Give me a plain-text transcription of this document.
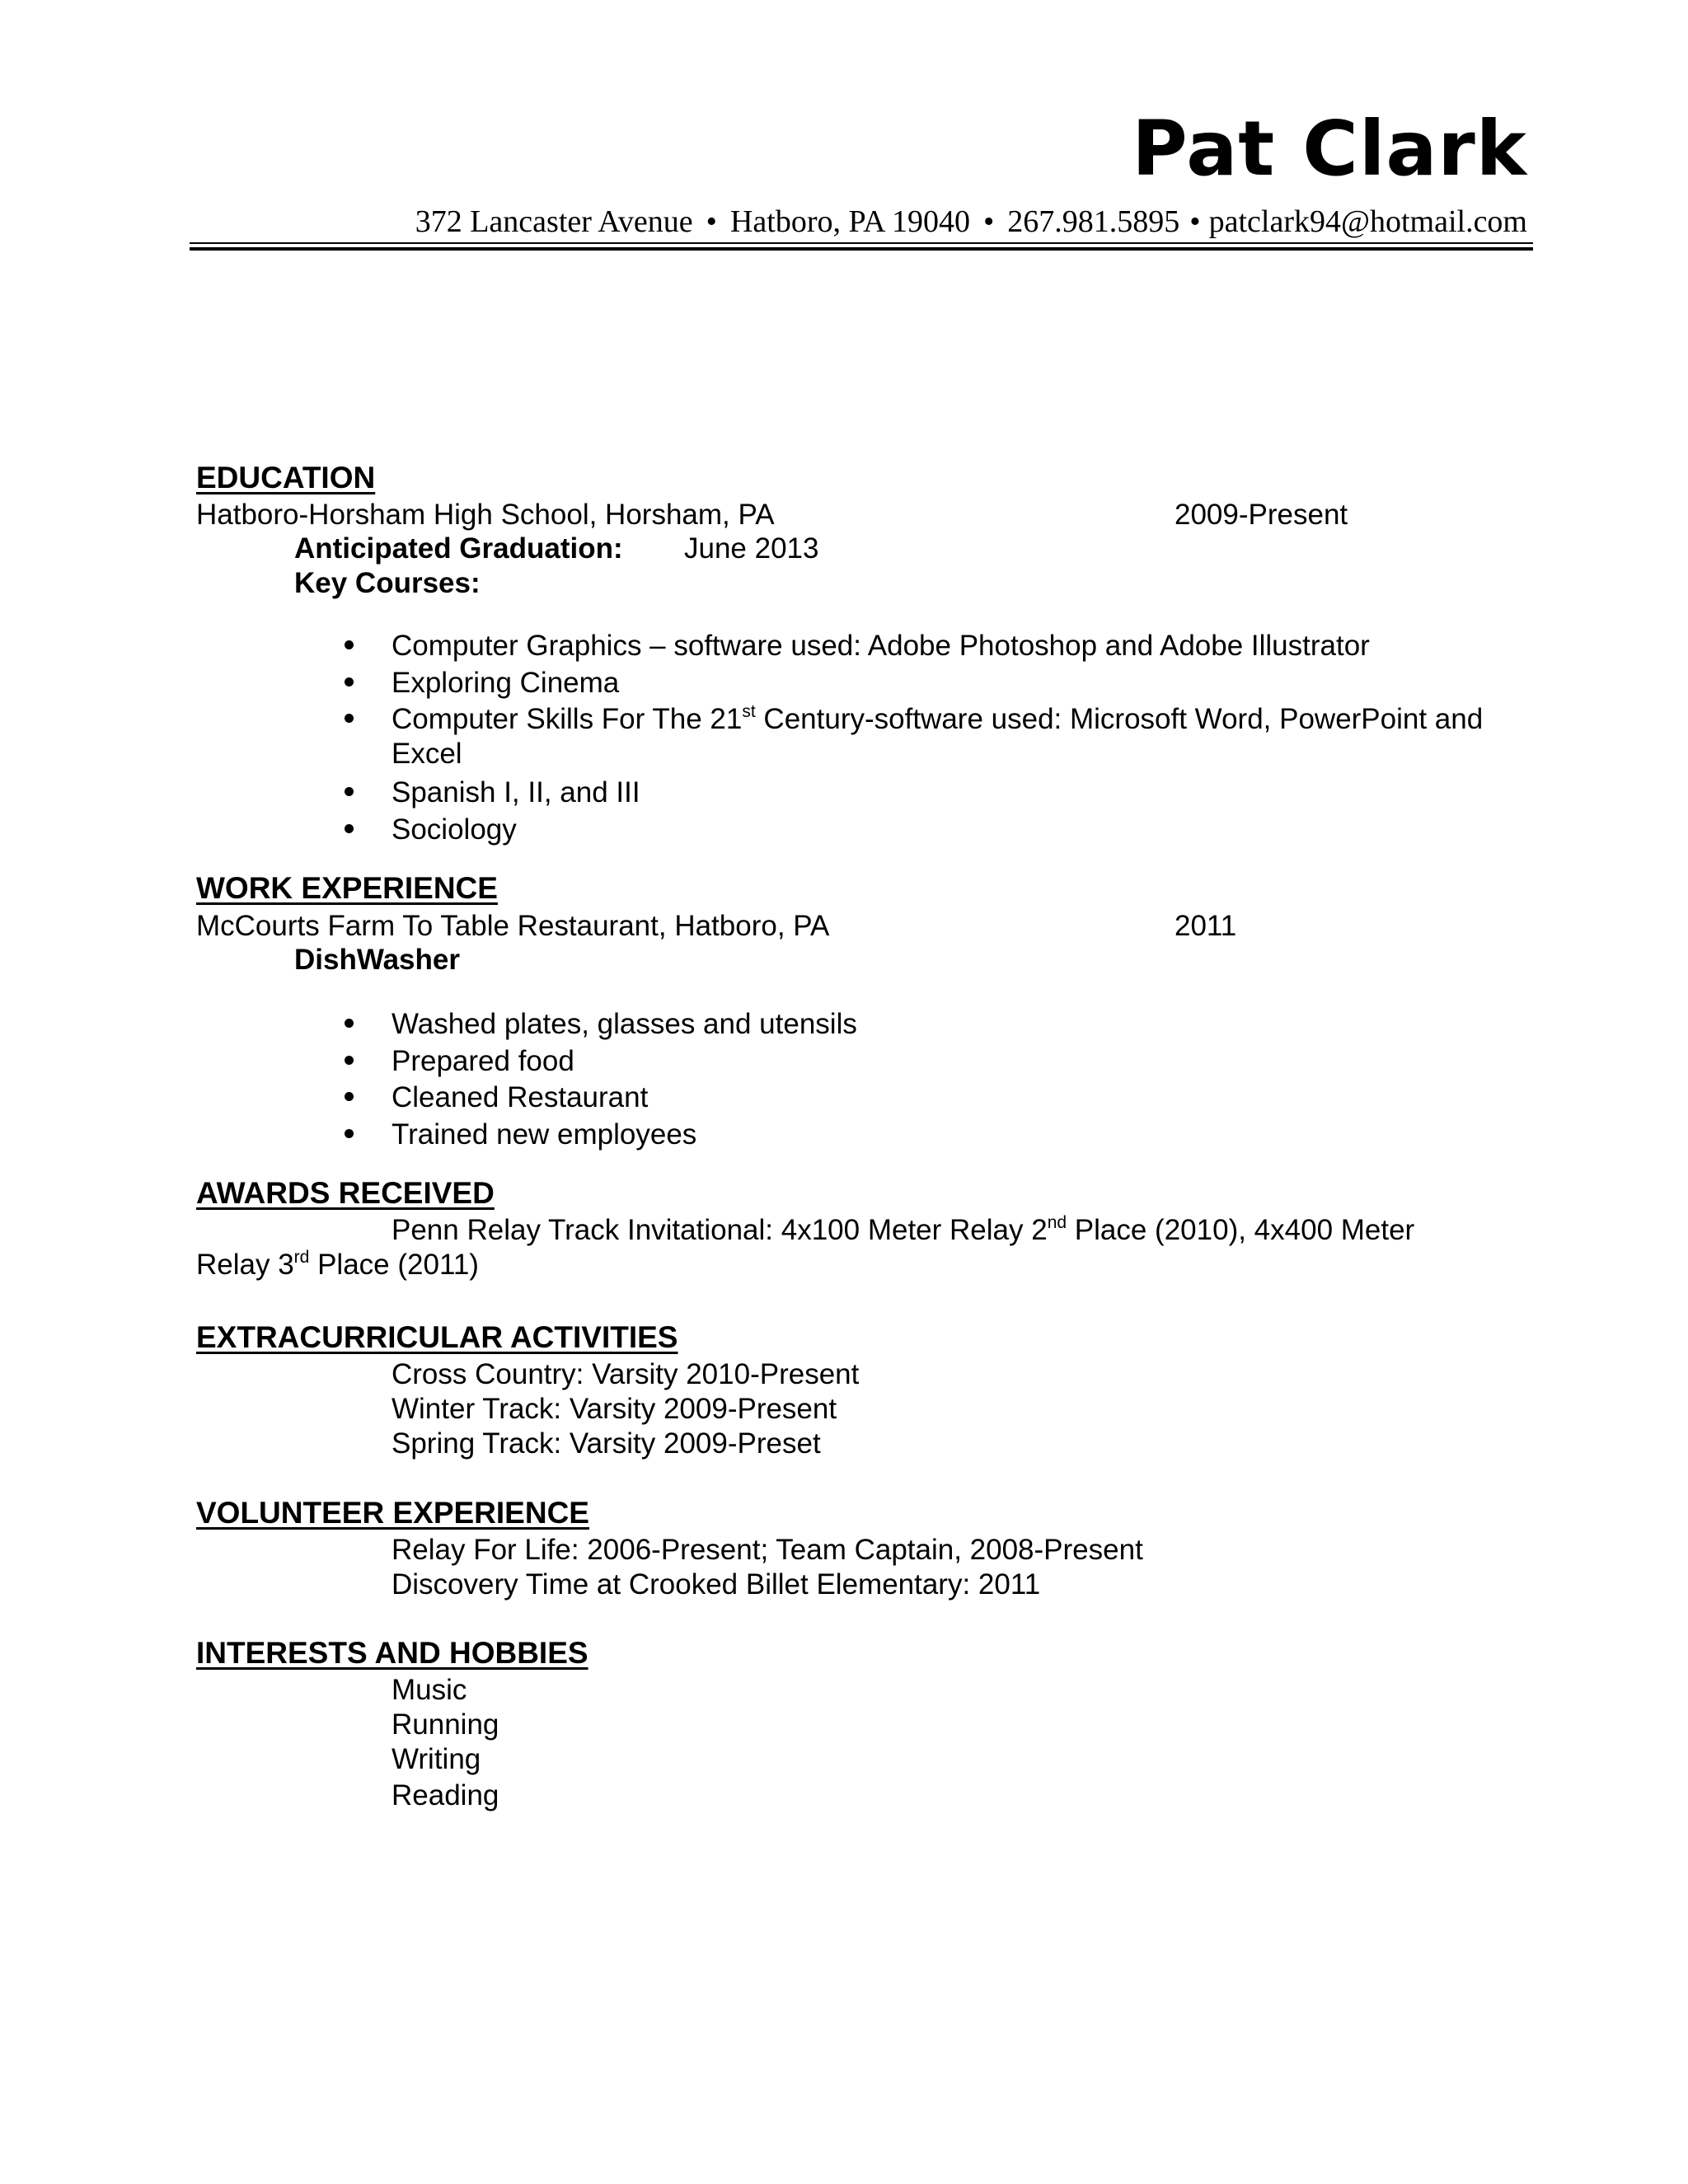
Pat Clark
372 Lancaster Avenue • Hatboro, PA 19040 • 267.981.5895 • patclark94@hotmail.com
EDUCATION
Hatboro-Horsham High School, Horsham, PA	2009-Present
Anticipated Graduation: June 2013
Key Courses:
Computer Graphics – software used: Adobe Photoshop and Adobe Illustrator
Exploring Cinema
Computer Skills For The 21st Century-software used: Microsoft Word, PowerPoint and
Excel
Spanish I, II, and III
Sociology
WORK EXPERIENCE
McCourts Farm To Table Restaurant, Hatboro, PA	2011
DishWasher
Washed plates, glasses and utensils
Prepared food
Cleaned Restaurant
Trained new employees
AWARDS RECEIVED
Penn Relay Track Invitational: 4x100 Meter Relay 2nd Place (2010), 4x400 Meter
Relay 3rd Place (2011)
EXTRACURRICULAR ACTIVITIES
Cross Country: Varsity 2010-Present
Winter Track: Varsity 2009-Present
Spring Track: Varsity 2009-Preset
VOLUNTEER EXPERIENCE
Relay For Life: 2006-Present; Team Captain, 2008-Present
Discovery Time at Crooked Billet Elementary: 2011
INTERESTS AND HOBBIES
Music
Running
Writing
Reading
